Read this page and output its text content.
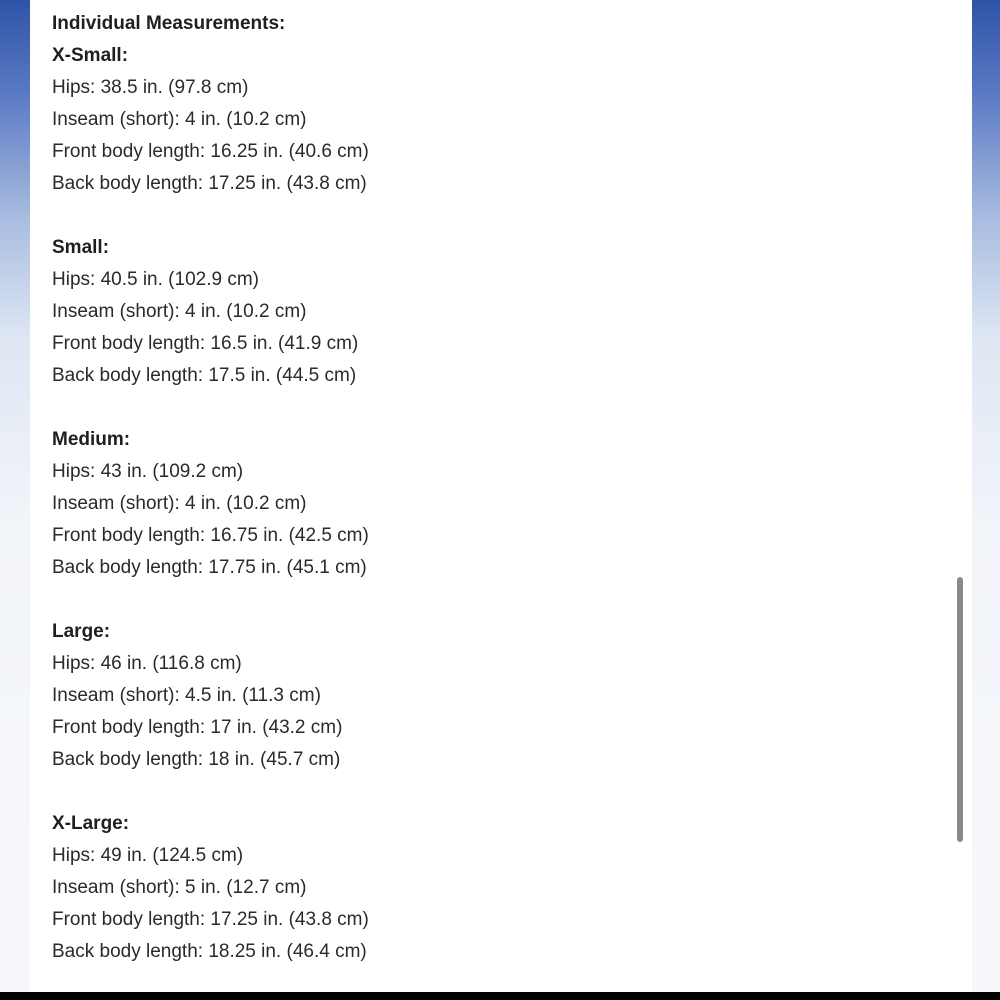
Individual Measurements:
X-Small:
Hips: 38.5 in. (97.8 cm)
Inseam (short): 4 in. (10.2 cm)
Front body length: 16.25 in. (40.6 cm)
Back body length: 17.25 in. (43.8 cm)
Small:
Hips: 40.5 in. (102.9 cm)
Inseam (short): 4 in. (10.2 cm)
Front body length: 16.5 in. (41.9 cm)
Back body length: 17.5 in. (44.5 cm)
Medium:
Hips: 43 in. (109.2 cm)
Inseam (short): 4 in. (10.2 cm)
Front body length: 16.75 in. (42.5 cm)
Back body length: 17.75 in. (45.1 cm)
Large:
Hips: 46 in. (116.8 cm)
Inseam (short): 4.5 in. (11.3 cm)
Front body length: 17 in. (43.2 cm)
Back body length: 18 in. (45.7 cm)
X-Large:
Hips: 49 in. (124.5 cm)
Inseam (short): 5 in. (12.7 cm)
Front body length: 17.25 in. (43.8 cm)
Back body length: 18.25 in. (46.4 cm)
